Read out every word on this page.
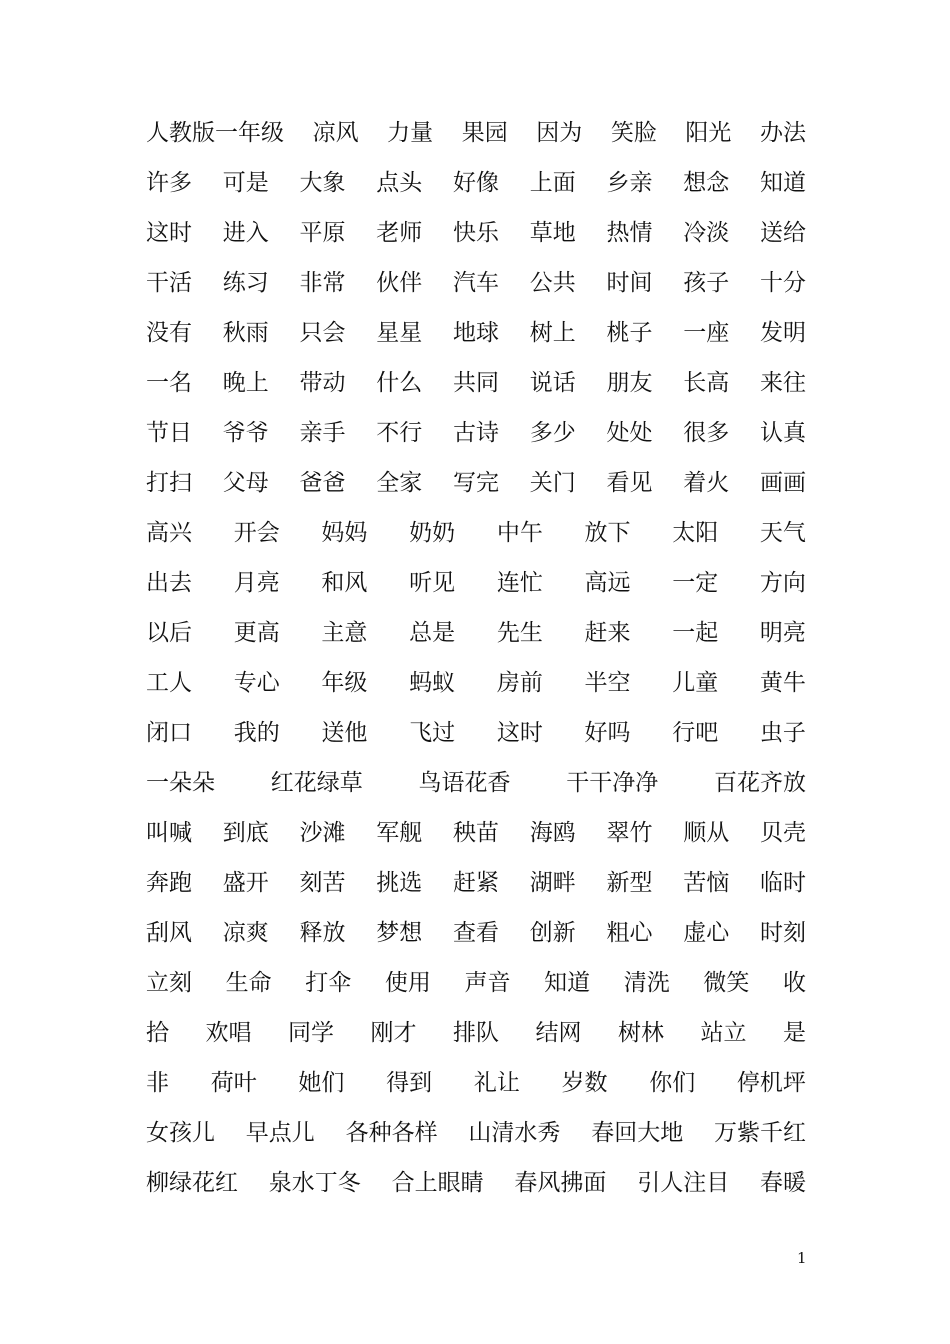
人教版一年级 凉风 力量 果园 因为 笑脸 阳光 办法
许多 可是 大象 点头 好像 上面 乡亲 想念 知道
这时 进入 平原 老师 快乐 草地 热情 冷淡 送给
干活 练习 非常 伙伴 汽车 公共 时间 孩子 十分
没有 秋雨 只会 星星 地球 树上 桃子 一座 发明
一名 晚上 带动 什么 共同 说话 朋友 长高 来往
节日 爷爷 亲手 不行 古诗 多少 处处 很多 认真
打扫 父母 爸爸 全家 写完 关门 看见 着火 画画
高兴 开会 妈妈 奶奶 中午 放下 太阳 天气
出去 月亮 和风 听见 连忙 高远 一定 方向
以后 更高 主意 总是 先生 赶来 一起 明亮
工人 专心 年级 蚂蚁 房前 半空 儿童 黄牛
闭口 我的 送他 飞过 这时 好吗 行吧 虫子
一朵朵 红花绿草 鸟语花香 干干净净 百花齐放
叫喊 到底 沙滩 军舰 秧苗 海鸥 翠竹 顺从 贝壳
奔跑 盛开 刻苦 挑选 赶紧 湖畔 新型 苦恼 临时
刮风 凉爽 释放 梦想 查看 创新 粗心 虚心 时刻
立刻 生命 打伞 使用 声音 知道 清洗 微笑 收
拾 欢唱 同学 刚才 排队 结网 树林 站立 是
非 荷叶 她们 得到 礼让 岁数 你们 停机坪
女孩儿 早点儿 各种各样 山清水秀 春回大地 万紫千红
柳绿花红 泉水丁冬 合上眼睛 春风拂面 引人注目 春暖
1
